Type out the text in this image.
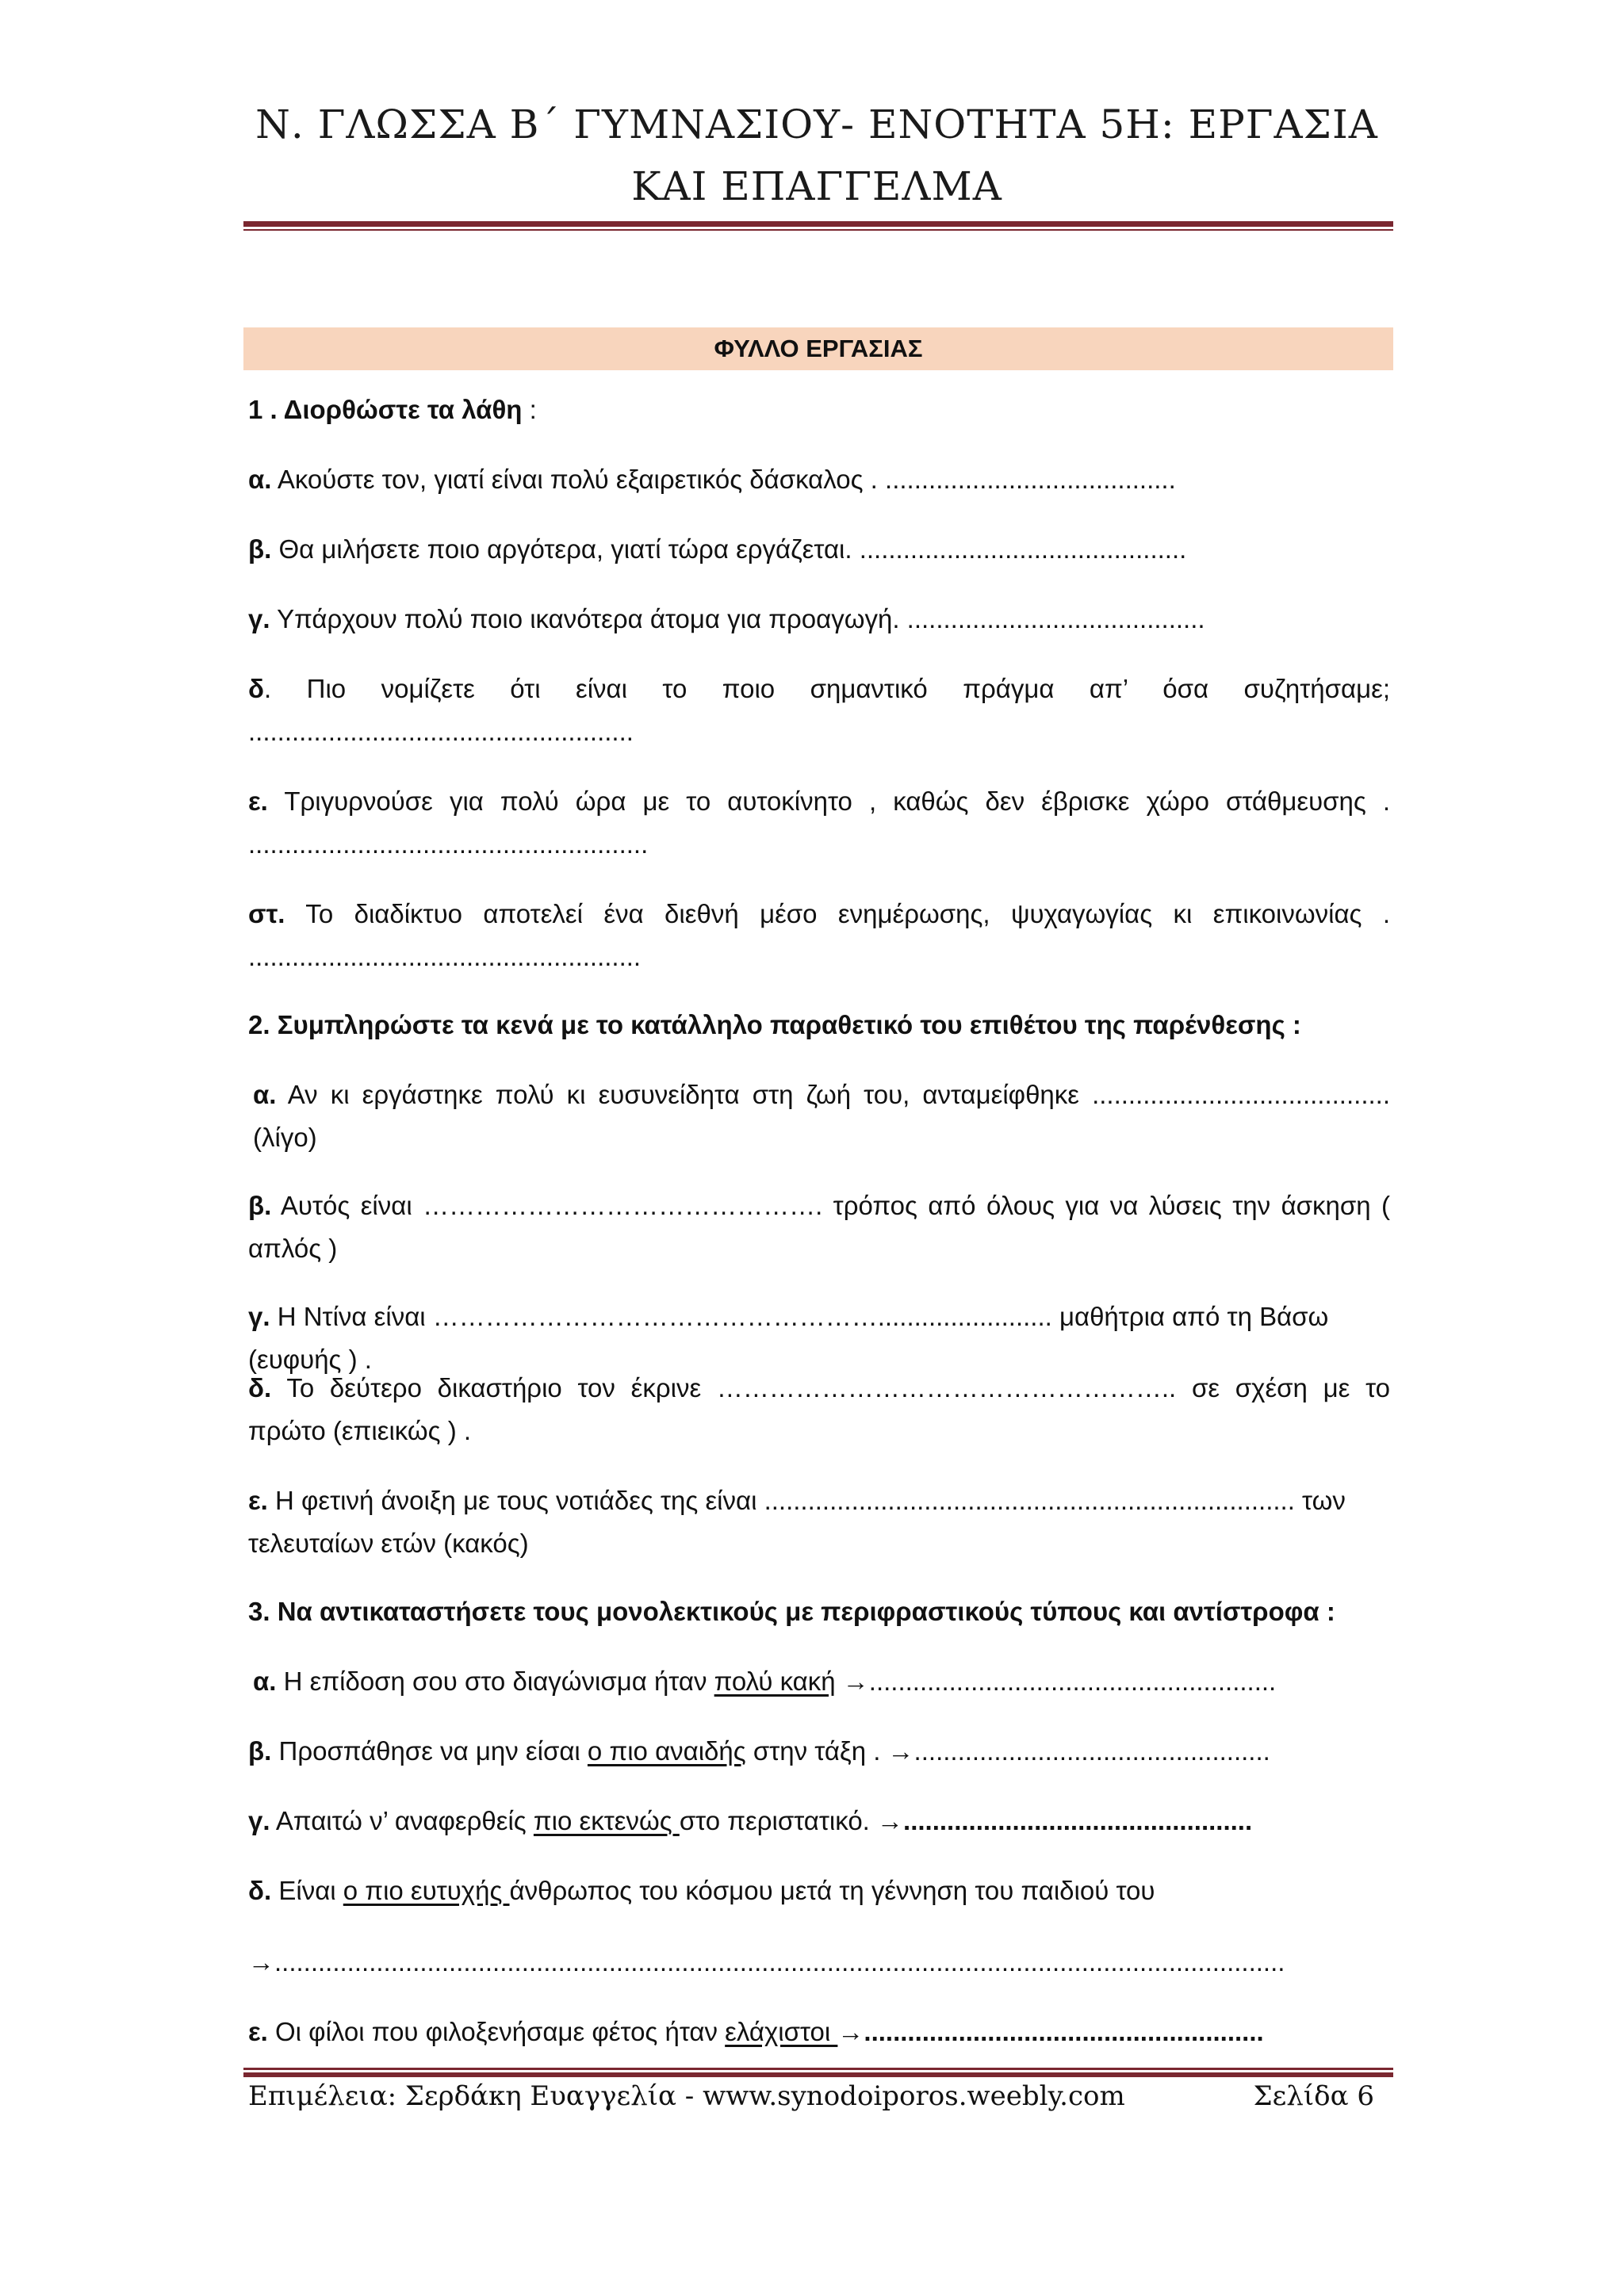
Ν. ΓΛΩΣΣΑ Β΄ ΓΥΜΝΑΣΙΟΥ- ΕΝΟΤΗΤΑ 5Η: ΕΡΓΑΣΙΑ ΚΑΙ ΕΠΑΓΓΕΛΜΑ
ΦΥΛΛΟ ΕΡΓΑΣΙΑΣ
1 . Διορθώστε τα λάθη :
α. Ακούστε τον, γιατί είναι πολύ εξαιρετικός δάσκαλος . ........................................
β. Θα μιλήσετε ποιο αργότερα, γιατί τώρα εργάζεται. .............................................
γ. Υπάρχουν πολύ ποιο ικανότερα άτομα για προαγωγή. .........................................
δ. Πιο νομίζετε ότι είναι το ποιο σημαντικό πράγμα απ’ όσα συζητήσαμε; .....................................................
ε. Τριγυρνούσε για πολύ ώρα με το αυτοκίνητο , καθώς δεν έβρισκε χώρο στάθμευσης . .......................................................
στ. Το διαδίκτυο αποτελεί ένα διεθνή μέσο ενημέρωσης, ψυχαγωγίας κι επικοινωνίας . ......................................................
2. Συμπληρώστε τα κενά με το κατάλληλο παραθετικό του επιθέτου της παρένθεσης :
α. Αν κι εργάστηκε πολύ κι ευσυνείδητα στη ζωή του, ανταμείφθηκε ......................................... (λίγο)
β. Αυτός είναι ………………………………………. τρόπος από όλους για να λύσεις την άσκηση ( απλός )
γ. Η Ντίνα είναι ……………………………………………........................ μαθήτρια από τη Βάσω (ευφυής ) .
δ. Το δεύτερο δικαστήριο τον έκρινε …………………………………………….. σε σχέση με το πρώτο (επιεικώς ) .
ε. Η φετινή άνοιξη με τους νοτιάδες της είναι ......................................................................... των τελευταίων ετών (κακός)
3. Να αντικαταστήσετε τους μονολεκτικούς με περιφραστικούς τύπους και αντίστροφα :
α. Η επίδοση σου στο διαγώνισμα ήταν πολύ κακή →........................................................
β. Προσπάθησε να μην είσαι ο πιο αναιδής στην τάξη . →.................................................
γ. Απαιτώ ν’ αναφερθείς πιο εκτενώς στο περιστατικό. →................................................
δ. Είναι ο πιο ευτυχής άνθρωπος του κόσμου μετά τη γέννηση του παιδιού του
→...........................................................................................................................................
ε. Οι φίλοι που φιλοξενήσαμε φέτος ήταν ελάχιστοι →.......................................................
Επιμέλεια: Σερδάκη Ευαγγελία - www.synodoiporos.weebly.com	Σελίδα 6
